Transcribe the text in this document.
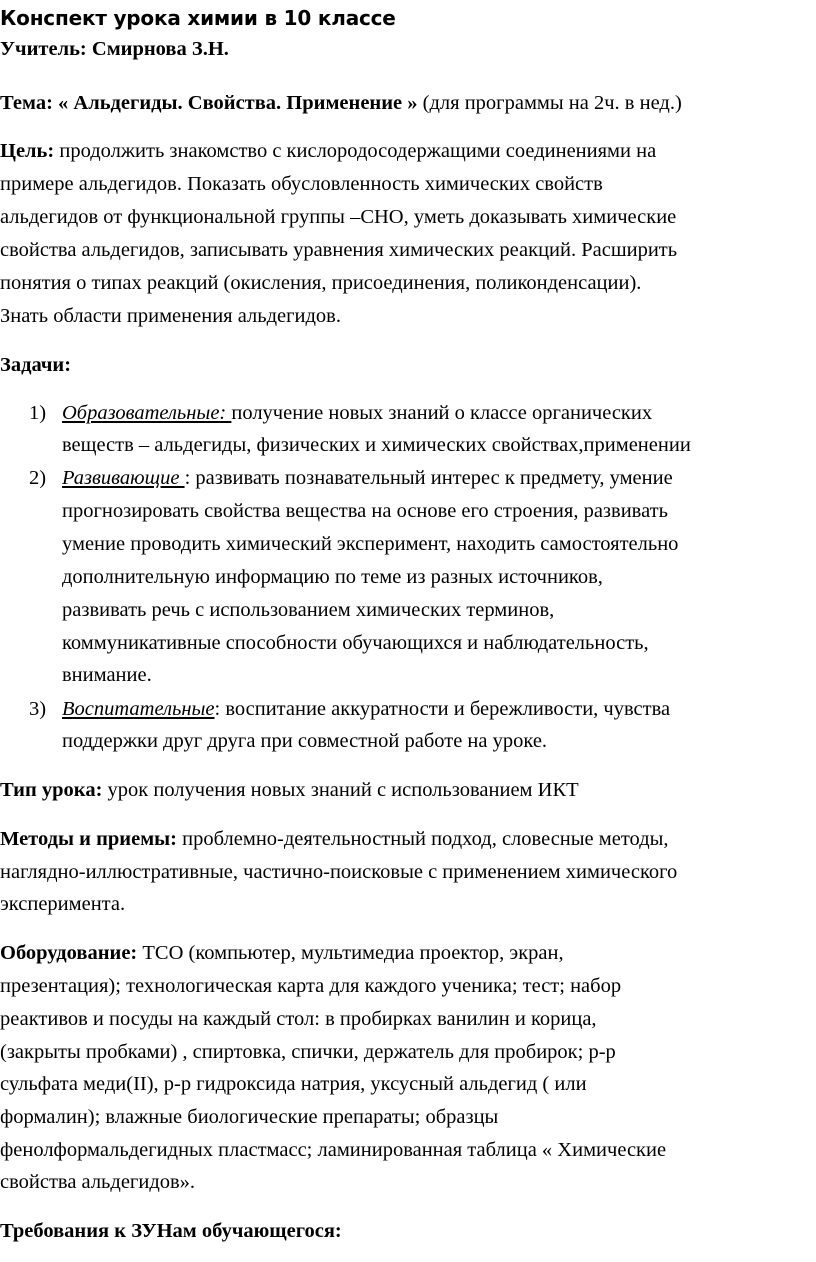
Конспект урока химии в 10 классе
Учитель: Смирнова З.Н.
Тема: « Альдегиды. Свойства. Применение » (для программы на 2ч. в нед.)
Цель: продолжить знакомство с кислородосодержащими соединениями на
примере альдегидов. Показать обусловленность химических свойств
альдегидов от функциональной группы –СНО, уметь доказывать химические
свойства альдегидов, записывать уравнения химических реакций. Расширить
понятия о типах реакций (окисления, присоединения, поликонденсации).
Знать области применения альдегидов.
Задачи:
1) Образовательные: получение новых знаний о классе органических
веществ – альдегиды, физических и химических свойствах,применении
2) Развивающие : развивать познавательный интерес к предмету, умение
прогнозировать свойства вещества на основе его строения, развивать
умение проводить химический эксперимент, находить самостоятельно
дополнительную информацию по теме из разных источников,
развивать речь с использованием химических терминов,
коммуникативные способности обучающихся и наблюдательность,
внимание.
3) Воспитательные: воспитание аккуратности и бережливости, чувства
поддержки друг друга при совместной работе на уроке.
Тип урока: урок получения новых знаний с использованием ИКТ
Методы и приемы: проблемно-деятельностный подход, словесные методы,
наглядно-иллюстративные, частично-поисковые с применением химического
эксперимента.
Оборудование: ТСО (компьютер, мультимедиа проектор, экран,
презентация); технологическая карта для каждого ученика; тест; набор
реактивов и посуды на каждый стол: в пробирках ванилин и корица,
(закрыты пробками) , спиртовка, спички, держатель для пробирок; р-р
сульфата меди(II), р-р гидроксида натрия, уксусный альдегид ( или
формалин); влажные биологические препараты; образцы
фенолформальдегидных пластмасс; ламинированная таблица « Химические
свойства альдегидов».
Требования к ЗУНам обучающегося:
